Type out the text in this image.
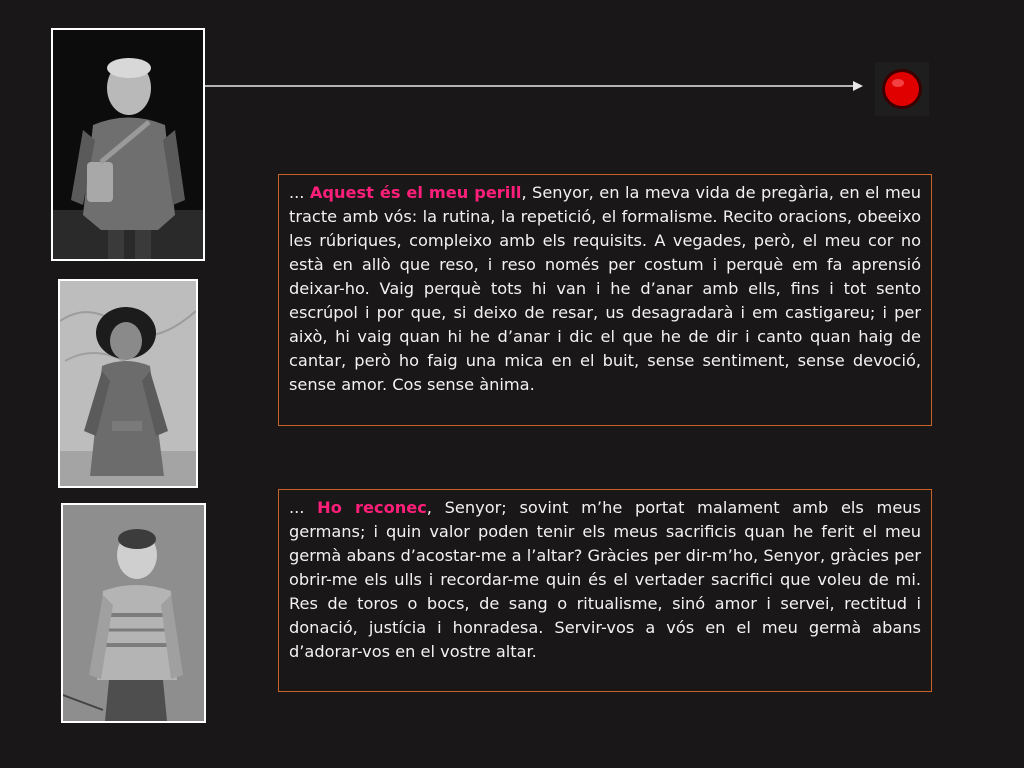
... Aquest és el meu perill, Senyor, en la meva vida de pregària, en el meu tracte amb vós: la rutina, la repetició, el formalisme. Recito oracions, obeeixo les rúbriques, compleixo amb els requisits. A vegades, però, el meu cor no està en allò que reso, i reso només per costum i perquè em fa aprensió deixar-ho. Vaig perquè tots hi van i he d’anar amb ells, fins i tot sento escrúpol i por que, si deixo de resar, us desagradarà i em castigareu; i per això, hi vaig quan hi he d’anar i dic el que he de dir i canto quan haig de cantar, però ho faig una mica en el buit, sense sentiment, sense devoció, sense amor. Cos sense ànima.
... Ho reconec, Senyor; sovint m’he portat malament amb els meus germans; i quin valor poden tenir els meus sacrificis quan he ferit el meu germà abans d’acostar-me a l’altar? Gràcies per dir-m’ho, Senyor, gràcies per obrir-me els ulls i recordar-me quin és el vertader sacrifici que voleu de mi. Res de toros o bocs, de sang o ritualisme, sinó amor i servei, rectitud i donació, justícia i honradesa. Servir-vos a vós en el meu germà abans d’adorar-vos en el vostre altar.
